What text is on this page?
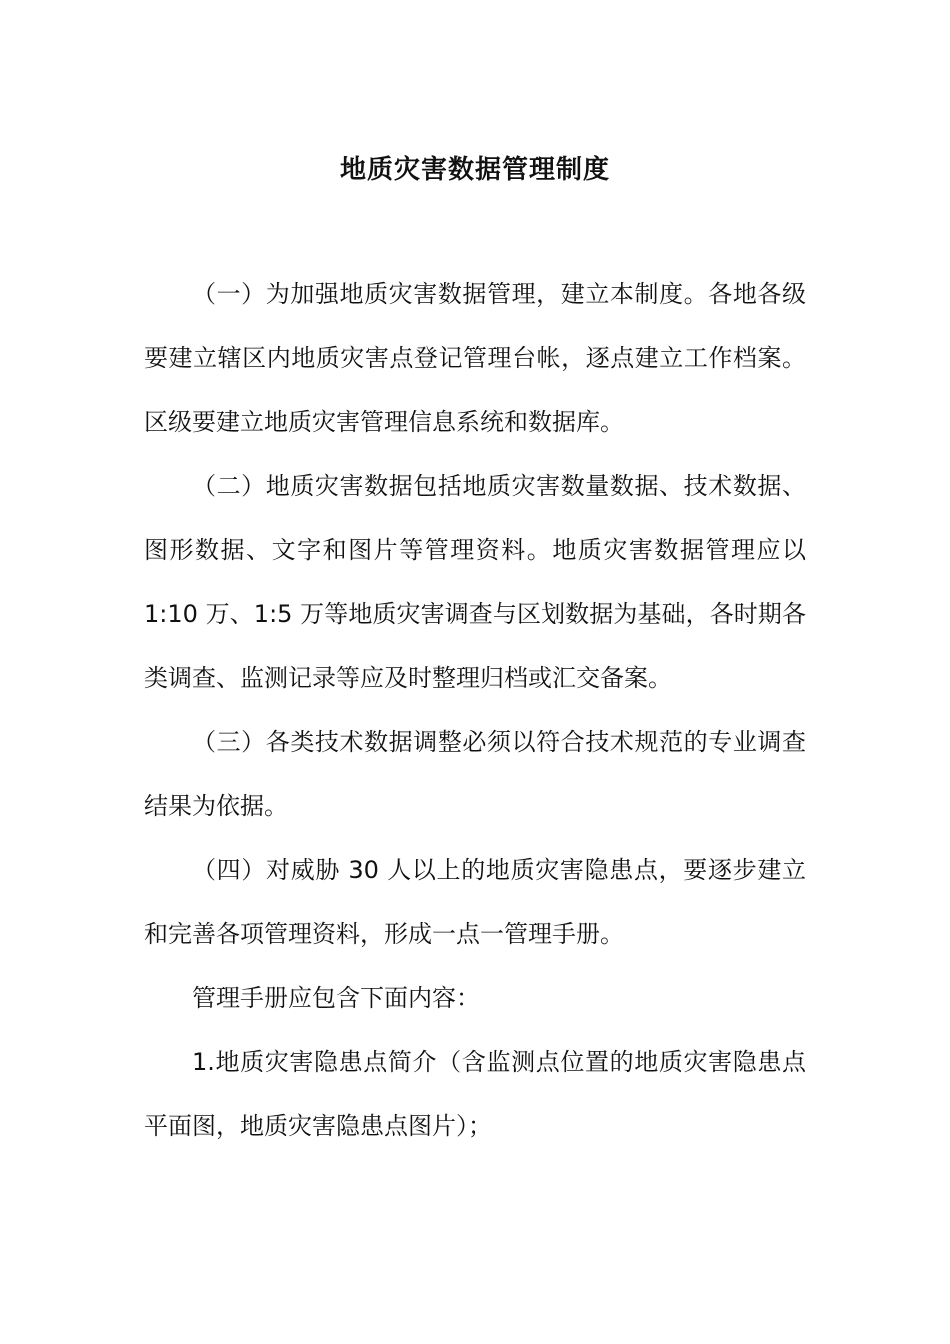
地质灾害数据管理制度

（一）为加强地质灾害数据管理，建立本制度。各地各级要建立辖区内地质灾害点登记管理台帐，逐点建立工作档案。区级要建立地质灾害管理信息系统和数据库。

（二）地质灾害数据包括地质灾害数量数据、技术数据、图形数据、文字和图片等管理资料。地质灾害数据管理应以 1:10 万、1:5 万等地质灾害调查与区划数据为基础，各时期各类调查、监测记录等应及时整理归档或汇交备案。

（三）各类技术数据调整必须以符合技术规范的专业调查结果为依据。

（四）对威胁 30 人以上的地质灾害隐患点，要逐步建立和完善各项管理资料，形成一点一管理手册。

管理手册应包含下面内容：

1.地质灾害隐患点简介（含监测点位置的地质灾害隐患点平面图，地质灾害隐患点图片）；
